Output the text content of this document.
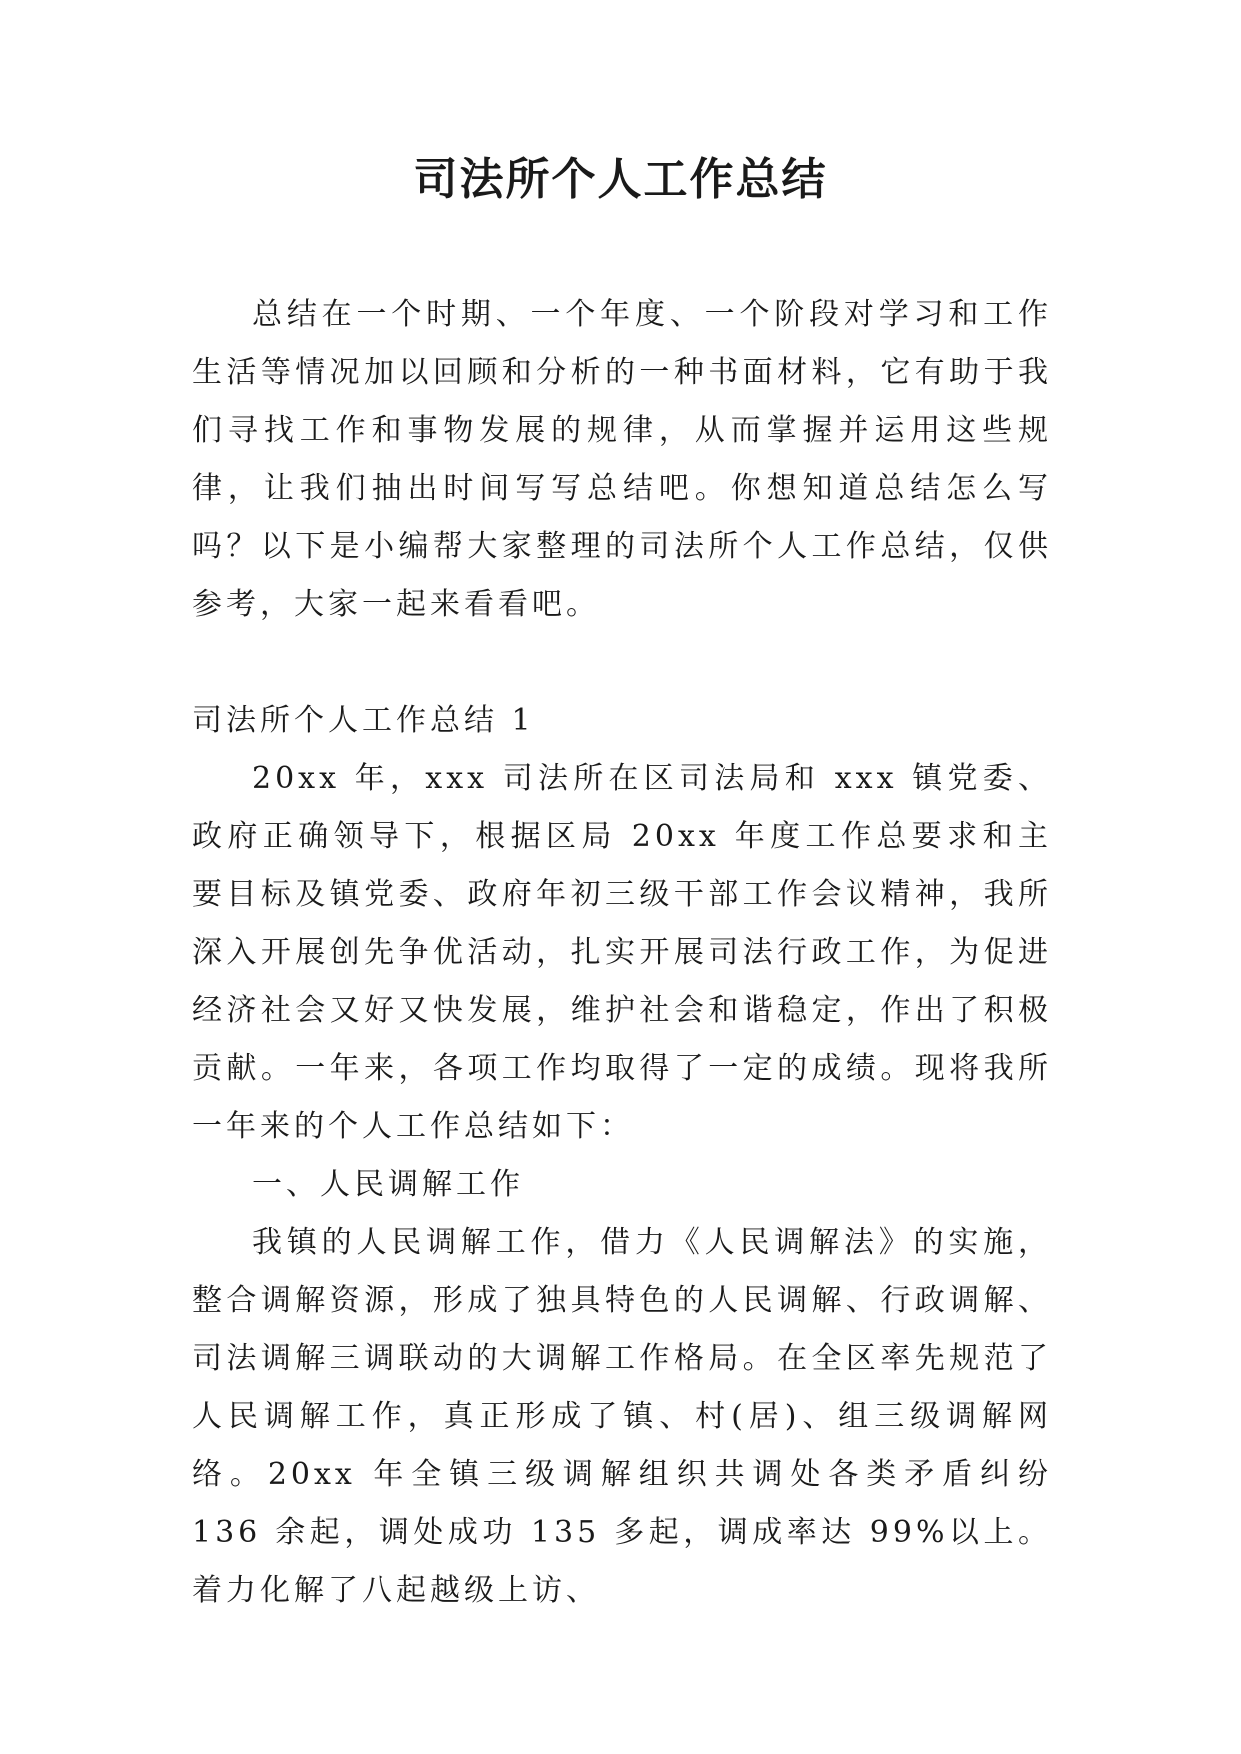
司法所个人工作总结

总结在一个时期、一个年度、一个阶段对学习和工作生活等情况加以回顾和分析的一种书面材料，它有助于我们寻找工作和事物发展的规律，从而掌握并运用这些规律，让我们抽出时间写写总结吧。你想知道总结怎么写吗？以下是小编帮大家整理的司法所个人工作总结，仅供参考，大家一起来看看吧。

司法所个人工作总结 1

20xx 年，xxx 司法所在区司法局和 xxx 镇党委、政府正确领导下，根据区局 20xx 年度工作总要求和主要目标及镇党委、政府年初三级干部工作会议精神，我所深入开展创先争优活动，扎实开展司法行政工作，为促进经济社会又好又快发展，维护社会和谐稳定，作出了积极贡献。一年来，各项工作均取得了一定的成绩。现将我所一年来的个人工作总结如下：

一、人民调解工作

我镇的人民调解工作，借力《人民调解法》的实施，整合调解资源，形成了独具特色的人民调解、行政调解、司法调解三调联动的大调解工作格局。在全区率先规范了人民调解工作，真正形成了镇、村(居)、组三级调解网络。20xx 年全镇三级调解组织共调处各类矛盾纠纷 136 余起，调处成功 135 多起，调成率达 99%以上。着力化解了八起越级上访、
